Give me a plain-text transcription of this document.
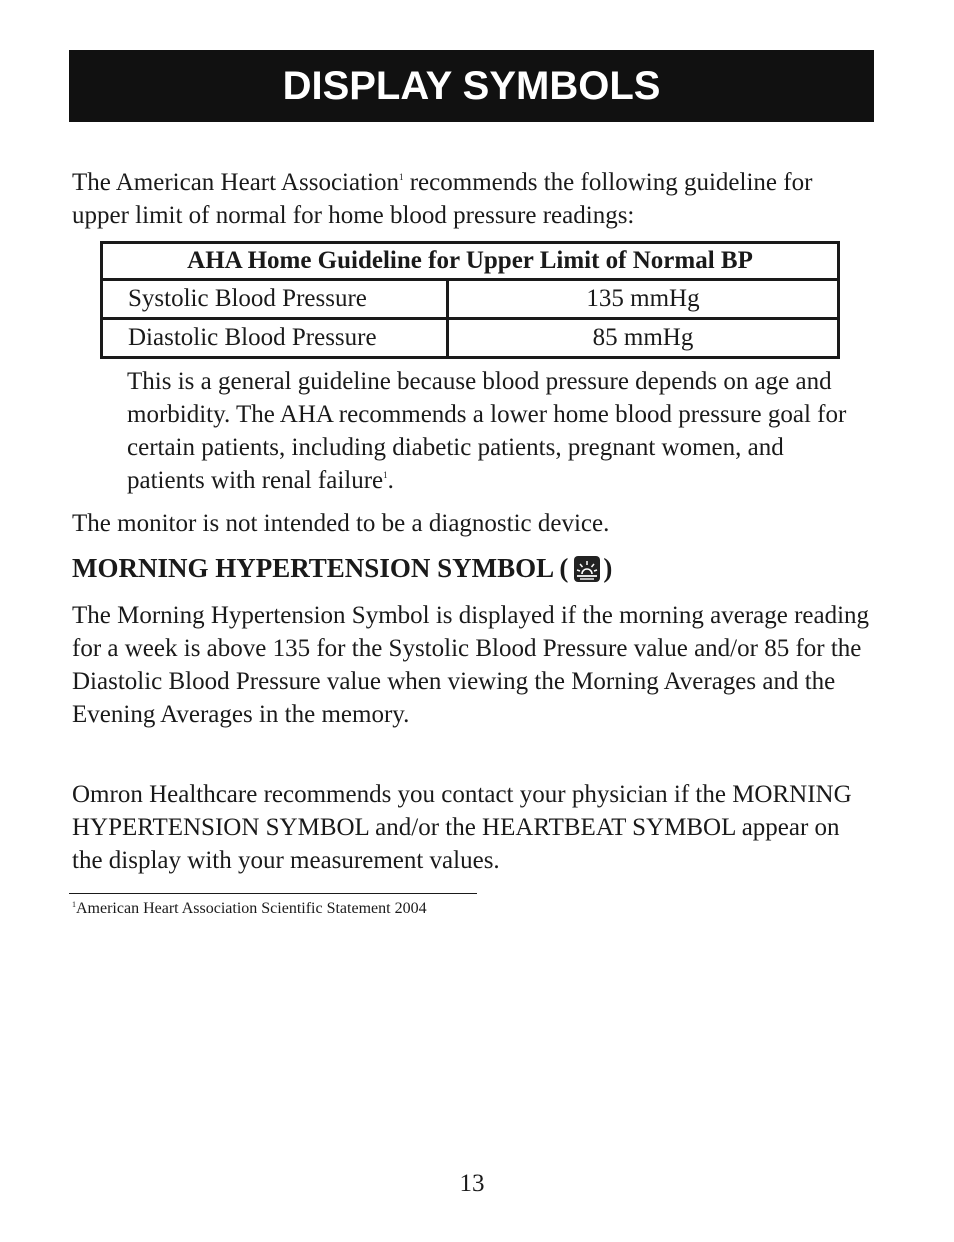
DISPLAY SYMBOLS

The American Heart Association$^1$ recommends the following guideline for upper limit of normal for home blood pressure readings:

AHA Home Guideline for Upper Limit of Normal BP	
Systolic Blood Pressure	135 mmHg
Diastolic Blood Pressure	85 mmHg

This is a general guideline because blood pressure depends on age and morbidity. The AHA recommends a lower home blood pressure goal for certain patients, including diabetic patients, pregnant women, and patients with renal failure$^1$.

The monitor is not intended to be a diagnostic device.

MORNING HYPERTENSION SYMBOL ( )

The Morning Hypertension Symbol is displayed if the morning average reading for a week is above 135 for the Systolic Blood Pressure value and/or 85 for the Diastolic Blood Pressure value when viewing the Morning Averages and the Evening Averages in the memory.

Omron Healthcare recommends you contact your physician if the MORNING HYPERTENSION SYMBOL and/or the HEARTBEAT SYMBOL appear on the display with your measurement values.

$^1$American Heart Association Scientific Statement 2004

13
